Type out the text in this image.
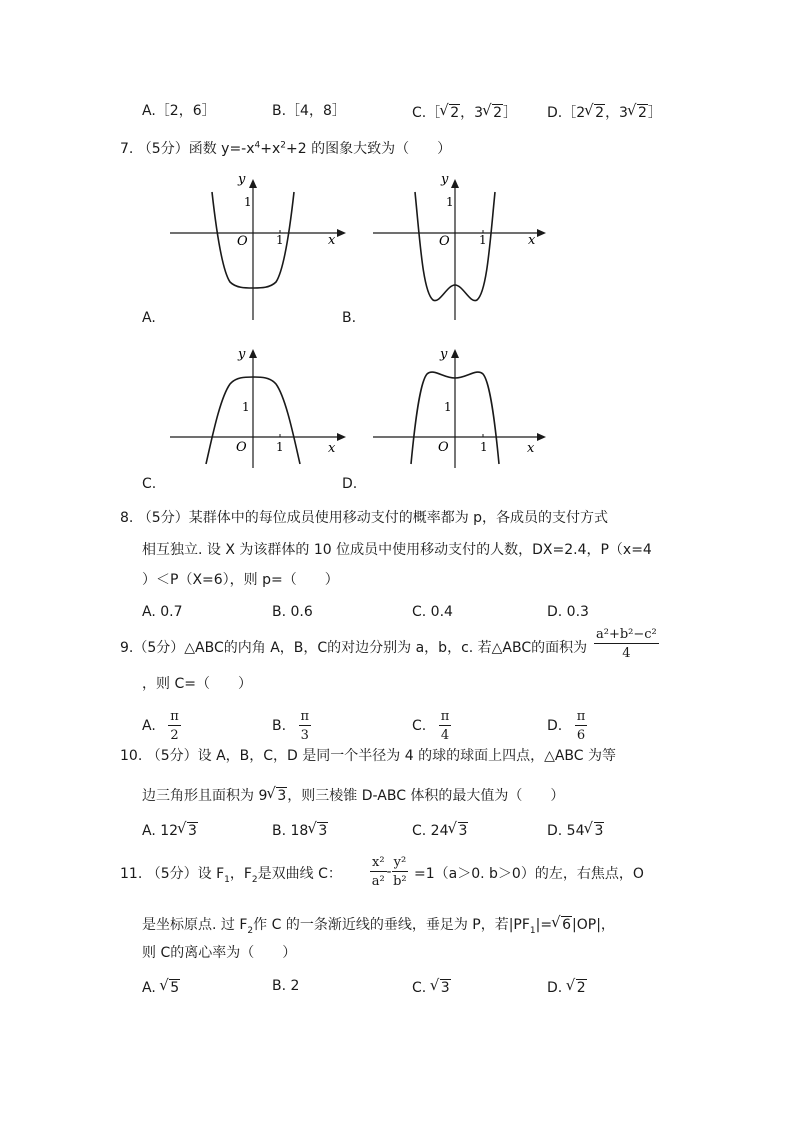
A.［2，6］	B.［4，8］	C.［√ 2，3√ 2］ D.［2√ 2，3√ 2］
7. （5分）函数 $y=-x^4+x^2+2$ 的图象大致为（　　）
y
x
O 1
1
A.
y
x
O 1
1
B.
y
x
O 1
1
C.
y
x
O	1
1
D.
8. （5分）某群体中的每位成员使用移动支付的概率都为 p，各成员的支付方式
相互独立. 设 X 为该群体的 10 位成员中使用移动支付的人数，DX=2.4，P（x=4
）＜P（X=6），则 p=（　　）
A. 0.7	B. 0.6	C. 0.4	D. 0.3
9.（5分）△ABC的内角 A，B，C的对边分别为 a，b，c. 若△ABC的面积为 $\frac{\text{a²+b²−c²}}{4}$
，则 C=（　　）
A. $\frac{\pi}{2}$	B. $\frac{\pi}{3}$	C. $\frac{\pi}{4}$	D. $\frac{\pi}{6}$
10. （5分）设 A，B，C，D 是同一个半径为 4 的球的球面上四点，△ABC 为等
边三角形且面积为 9√ 3，则三棱锥 D-ABC 体积的最大值为（　　）
A. 12√ 3	B. 18√ 3	C. 24√ 3	D. 54√ 3
11. （5分）设 $F_1$，$F_2$是双曲线 C： $\frac{\text{x²}}{\text{a²}} - \frac{\text{y²}}{\text{b²}} =1(a>0$. b＞0）的左，右焦点，O
是坐标原点. 过 $F_2$作 C 的一条渐近线的垂线，垂足为 P，若$|PF_1|=√$ 6|OP|，
则 C的离心率为（　　）
A. √ 5	B. 2	C. √ 3	D. √ 2
